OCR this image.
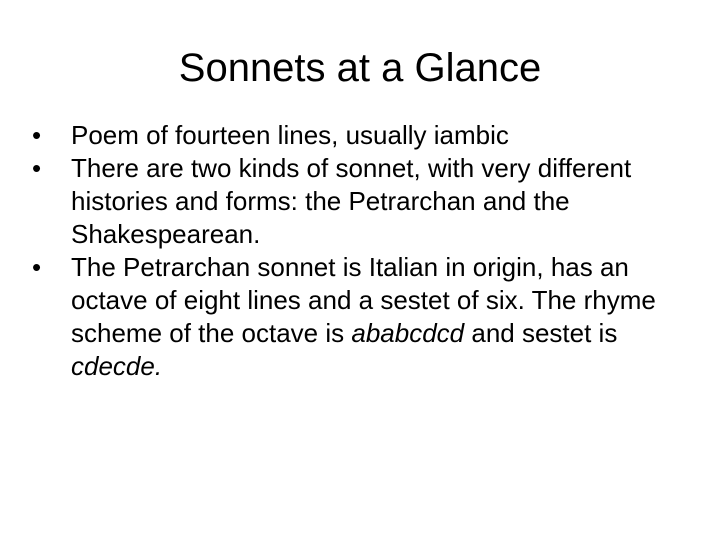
Sonnets at a Glance
•	Poem of fourteen lines, usually iambic
•	There are two kinds of sonnet, with very different histories and forms: the Petrarchan and the Shakespearean.
•	The Petrarchan sonnet is Italian in origin, has an octave of eight lines and a sestet of six. The rhyme scheme of the octave is ababcdcd and sestet is cdecde.
